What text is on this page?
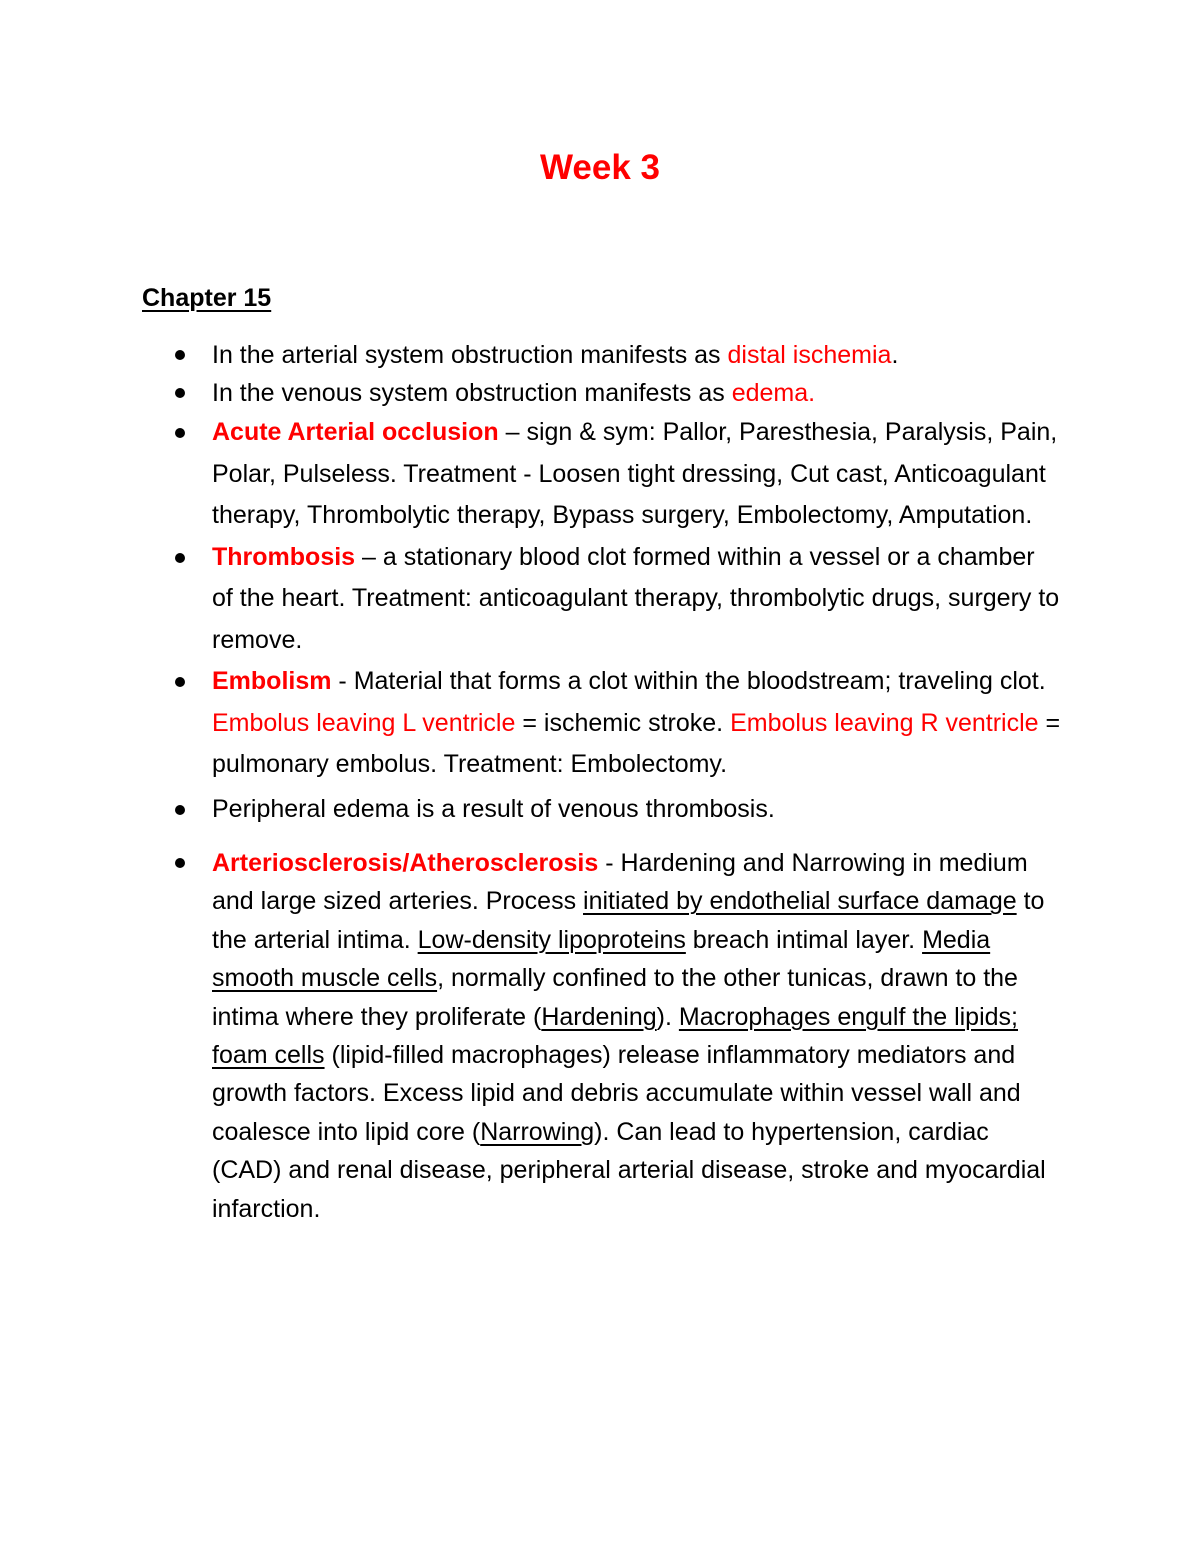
Week 3
Chapter 15
In the arterial system obstruction manifests as distal ischemia.
In the venous system obstruction manifests as edema.
Acute Arterial occlusion – sign & sym: Pallor, Paresthesia, Paralysis, Pain, Polar, Pulseless. Treatment - Loosen tight dressing, Cut cast, Anticoagulant therapy, Thrombolytic therapy, Bypass surgery, Embolectomy, Amputation.
Thrombosis – a stationary blood clot formed within a vessel or a chamber of the heart. Treatment: anticoagulant therapy, thrombolytic drugs, surgery to remove.
Embolism - Material that forms a clot within the bloodstream; traveling clot. Embolus leaving L ventricle = ischemic stroke. Embolus leaving R ventricle = pulmonary embolus. Treatment: Embolectomy.
Peripheral edema is a result of venous thrombosis.
Arteriosclerosis/Atherosclerosis - Hardening and Narrowing in medium and large sized arteries. Process initiated by endothelial surface damage to the arterial intima. Low-density lipoproteins breach intimal layer. Media smooth muscle cells, normally confined to the other tunicas, drawn to the intima where they proliferate (Hardening). Macrophages engulf the lipids; foam cells (lipid-filled macrophages) release inflammatory mediators and growth factors. Excess lipid and debris accumulate within vessel wall and coalesce into lipid core (Narrowing). Can lead to hypertension, cardiac (CAD) and renal disease, peripheral arterial disease, stroke and myocardial infarction.
